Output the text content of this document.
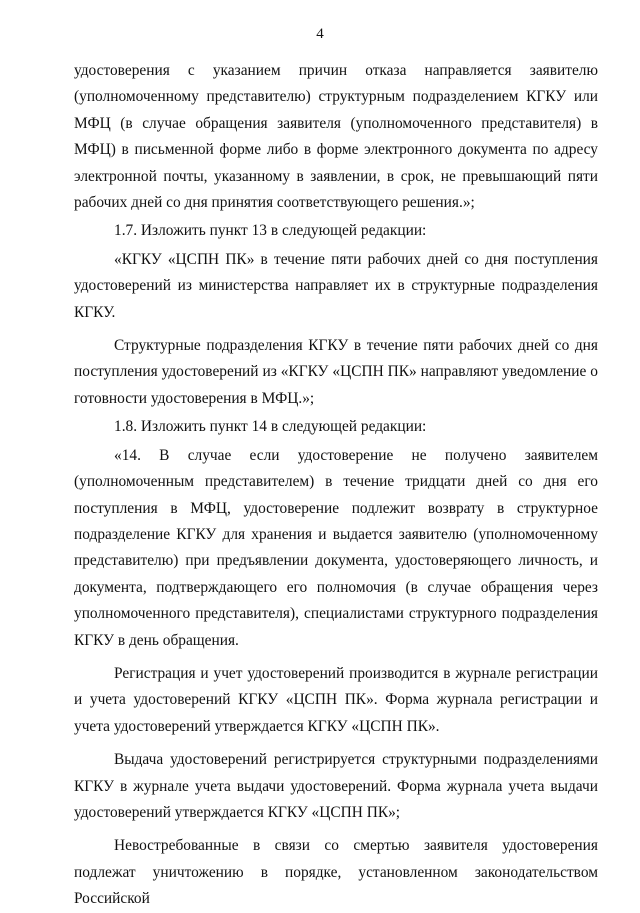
4

удостоверения с указанием причин отказа направляется заявителю (уполномоченному представителю) структурным подразделением КГКУ или МФЦ (в случае обращения заявителя (уполномоченного представителя) в МФЦ) в письменной форме либо в форме электронного документа по адресу электронной почты, указанному в заявлении, в срок, не превышающий пяти рабочих дней со дня принятия соответствующего решения.»;

1.7. Изложить пункт 13 в следующей редакции:

«КГКУ «ЦСПН ПК» в течение пяти рабочих дней со дня поступления удостоверений из министерства направляет их в структурные подразделения КГКУ.

Структурные подразделения КГКУ в течение пяти рабочих дней со дня поступления удостоверений из «КГКУ «ЦСПН ПК» направляют уведомление о готовности удостоверения в МФЦ.»;

1.8. Изложить пункт 14 в следующей редакции:

«14. В случае если удостоверение не получено заявителем (уполномоченным представителем) в течение тридцати дней со дня его поступления в МФЦ, удостоверение подлежит возврату в структурное подразделение КГКУ для хранения и выдается заявителю (уполномоченному представителю) при предъявлении документа, удостоверяющего личность, и документа, подтверждающего его полномочия (в случае обращения через уполномоченного представителя), специалистами структурного подразделения КГКУ в день обращения.

Регистрация и учет удостоверений производится в журнале регистрации и учета удостоверений КГКУ «ЦСПН ПК». Форма журнала регистрации и учета удостоверений утверждается КГКУ «ЦСПН ПК».

Выдача удостоверений регистрируется структурными подразделениями КГКУ в журнале учета выдачи удостоверений. Форма журнала учета выдачи удостоверений утверждается КГКУ «ЦСПН ПК»;

Невостребованные в связи со смертью заявителя удостоверения подлежат уничтожению в порядке, установленном законодательством Российской
